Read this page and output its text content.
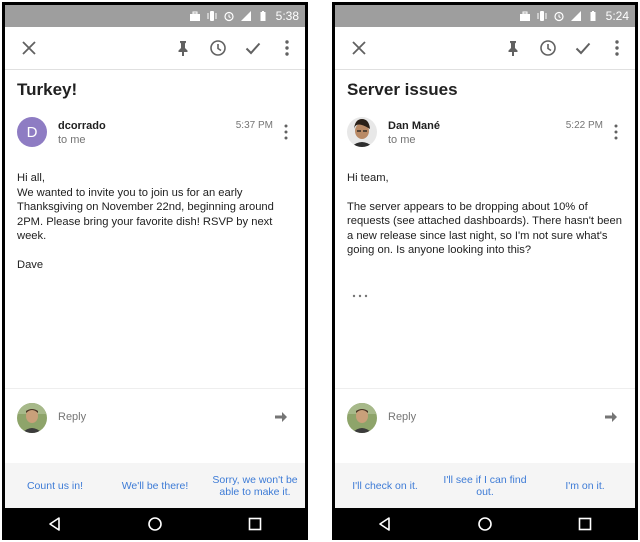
5:38
Turkey!
D	dcorrado
to me
5:37 PM

Hi all,
We wanted to invite you to join us for an early Thanksgiving on November 22nd, beginning around 2PM. Please bring your favorite dish! RSVP by next week.

Dave

Reply
Count us in!	We'll be there!	Sorry, we won't be able to make it.
5:24
Server issues
Dan Mané
to me
5:22 PM

Hi team,

The server appears to be dropping about 10% of requests (see attached dashboards). There hasn't been a new release since last night, so I'm not sure what's going on. Is anyone looking into this?

Reply
I'll check on it.	I'll see if I can find out.	I'm on it.
